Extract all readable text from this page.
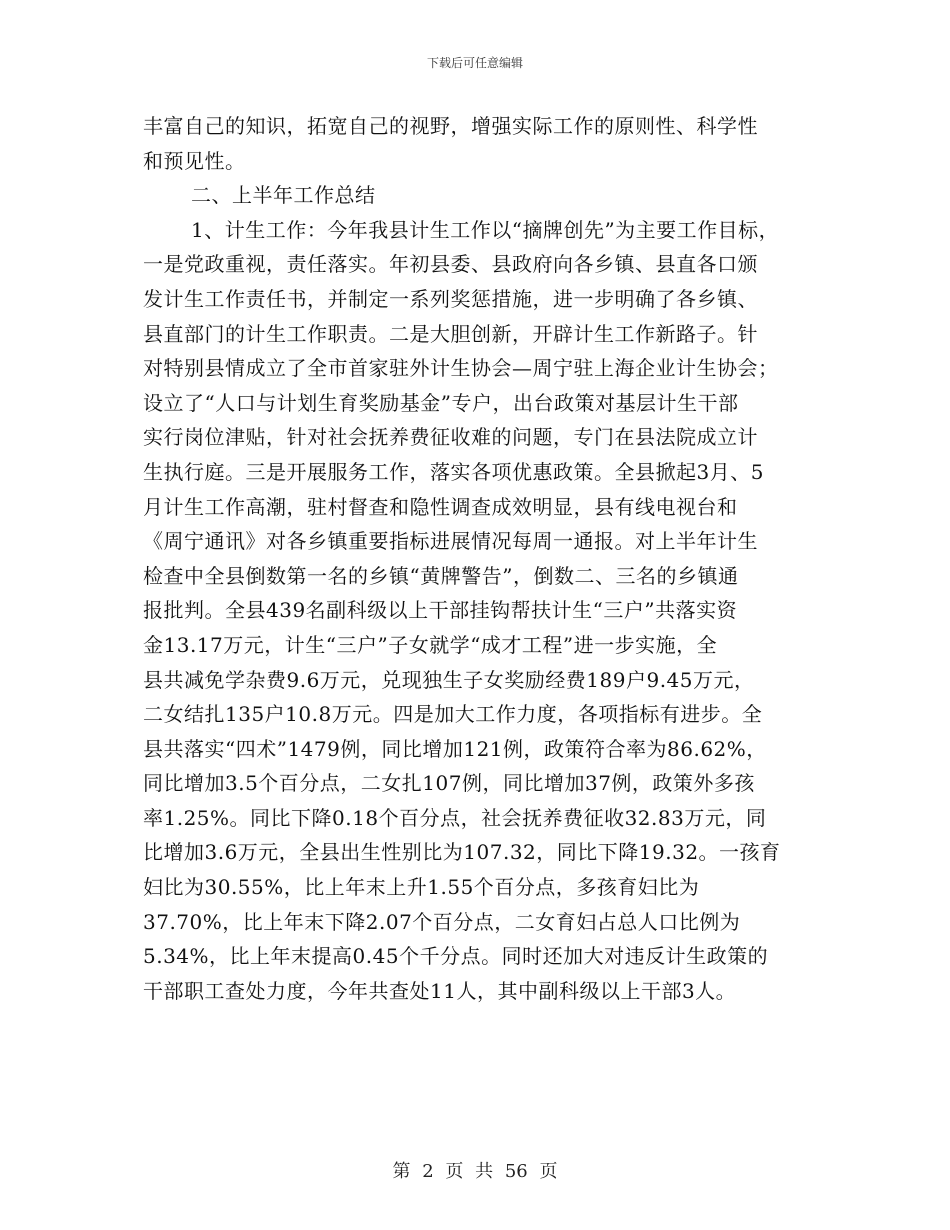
下载后可任意编辑
丰富自己的知识，拓宽自己的视野，增强实际工作的原则性、科学性
和预见性。
二、上半年工作总结
1、计生工作：今年我县计生工作以“摘牌创先”为主要工作目标，
一是党政重视，责任落实。年初县委、县政府向各乡镇、县直各口颁
发计生工作责任书，并制定一系列奖惩措施，进一步明确了各乡镇、
县直部门的计生工作职责。二是大胆创新，开辟计生工作新路子。针
对特别县情成立了全市首家驻外计生协会—周宁驻上海企业计生协会；
设立了“人口与计划生育奖励基金”专户，出台政策对基层计生干部
实行岗位津贴，针对社会抚养费征收难的问题，专门在县法院成立计
生执行庭。三是开展服务工作，落实各项优惠政策。全县掀起3月、5
月计生工作高潮，驻村督查和隐性调查成效明显，县有线电视台和
《周宁通讯》对各乡镇重要指标进展情况每周一通报。对上半年计生
检查中全县倒数第一名的乡镇“黄牌警告”，倒数二、三名的乡镇通
报批判。全县439名副科级以上干部挂钩帮扶计生“三户”共落实资
金13.17万元，计生“三户”子女就学“成才工程”进一步实施，全
县共减免学杂费9.6万元，兑现独生子女奖励经费189户9.45万元，
二女结扎135户10.8万元。四是加大工作力度，各项指标有进步。全
县共落实“四术”1479例，同比增加121例，政策符合率为86.62%，
同比增加3.5个百分点，二女扎107例，同比增加37例，政策外多孩
率1.25%。同比下降0.18个百分点，社会抚养费征收32.83万元，同
比增加3.6万元，全县出生性别比为107.32，同比下降19.32。一孩育
妇比为30.55%，比上年末上升1.55个百分点，多孩育妇比为
37.70%，比上年末下降2.07个百分点，二女育妇占总人口比例为
5.34%，比上年末提高0.45个千分点。同时还加大对违反计生政策的
干部职工查处力度，今年共查处11人，其中副科级以上干部3人。
第 2 页 共 56 页
